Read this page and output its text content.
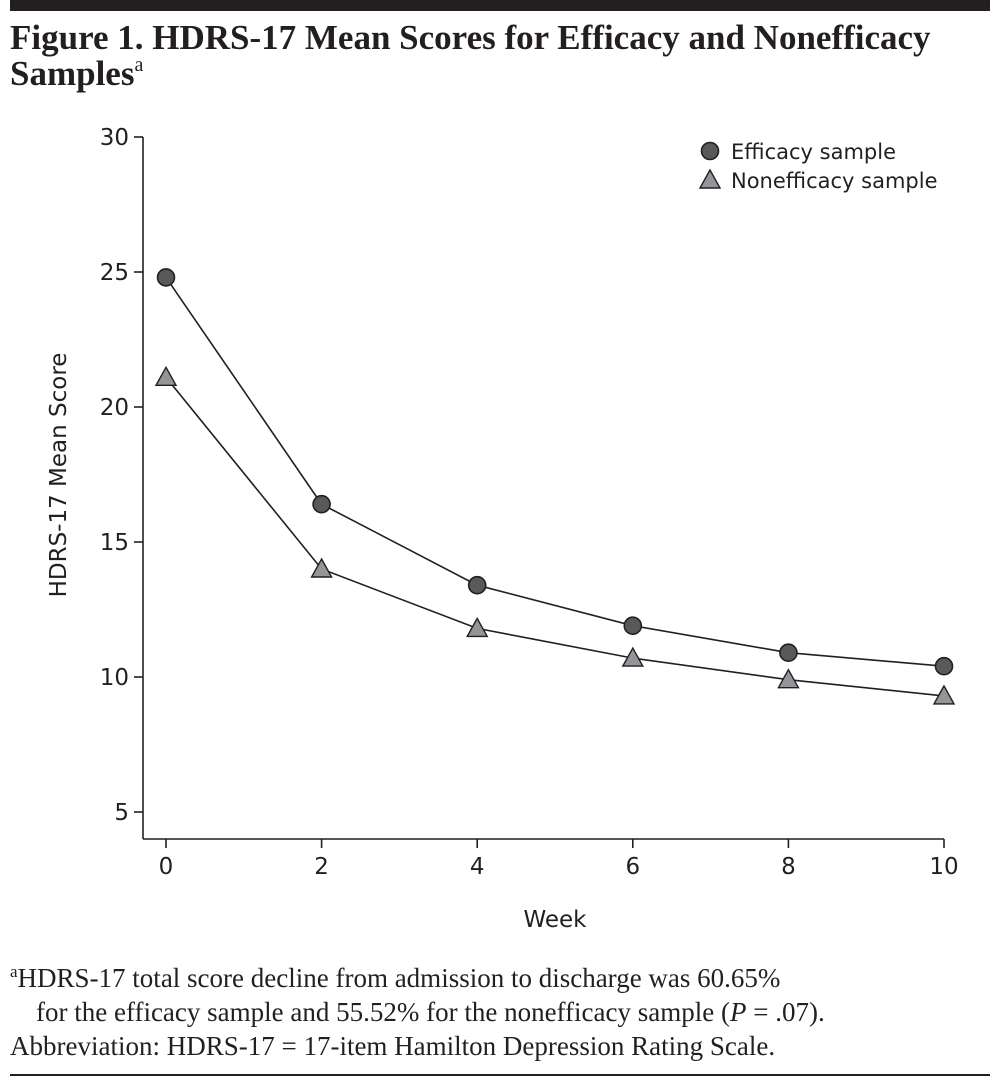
Figure 1. HDRS-17 Mean Scores for Efficacy and Nonefficacy Samples$^a$
5
10
15
20
25
30
0	2	4	6	8	10
Efficacy sample
Nonefficacy sample
HDRS-17 Mean Score
Week
$^a$HDRS-17 total score decline from admission to discharge was 60.65%
for the efficacy sample and 55.52% for the nonefficacy sample (P = .07).
Abbreviation: HDRS-17 = 17-item Hamilton Depression Rating Scale.
